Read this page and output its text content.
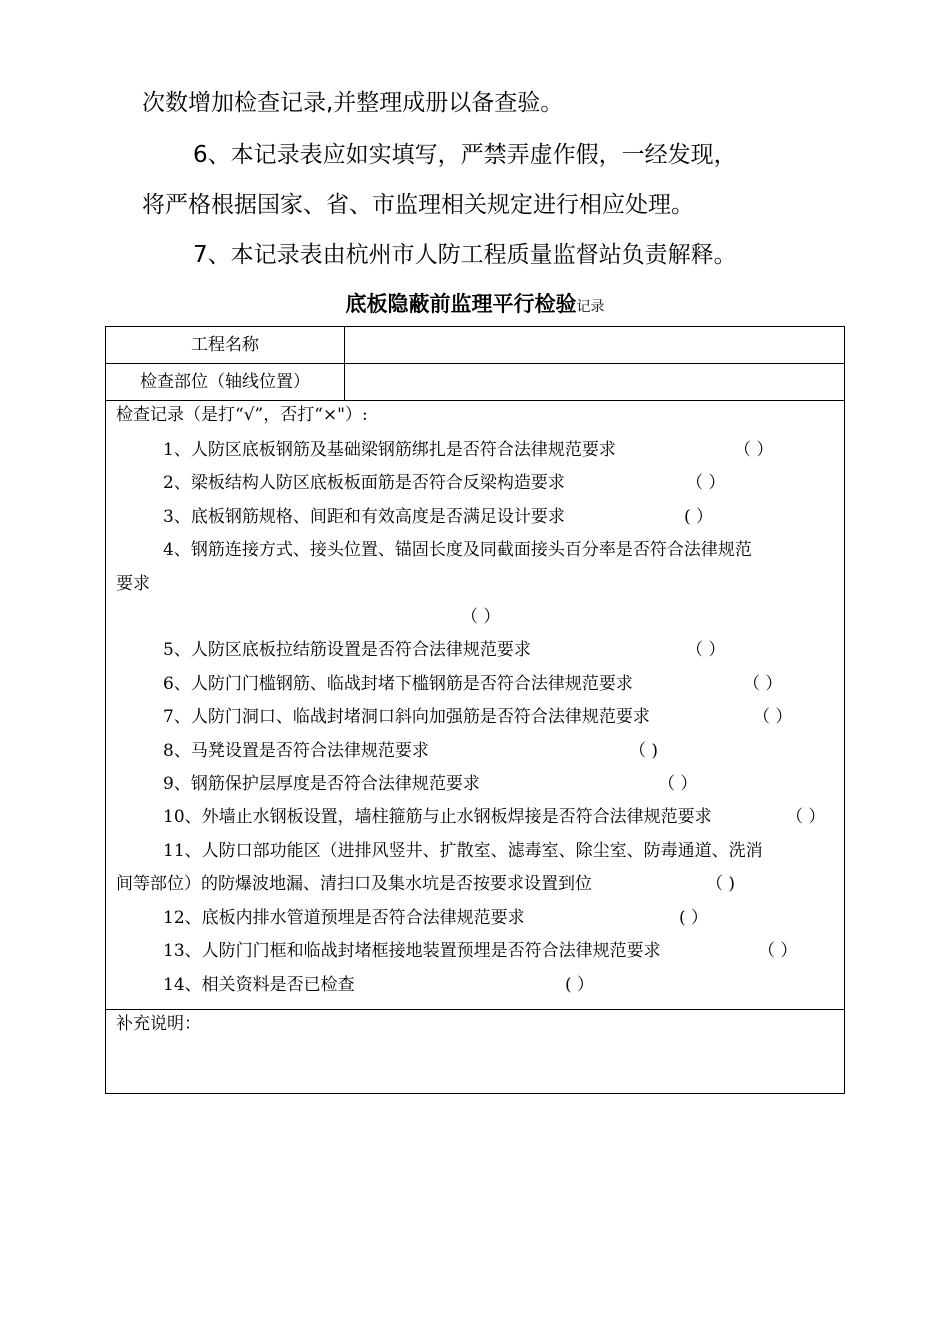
次数增加检查记录,并整理成册以备查验。
6、本记录表应如实填写，严禁弄虚作假，一经发现，
将严格根据国家、省、市监理相关规定进行相应处理。
7、本记录表由杭州市人防工程质量监督站负责解释。
底板隐蔽前监理平行检验记录
工程名称
检查部位（轴线位置）
检查记录（是打“√”，否打“×"）:
1、人防区底板钢筋及基础梁钢筋绑扎是否符合法律规范要求	（ ）
2、梁板结构人防区底板板面筋是否符合反梁构造要求	（ ）
3、底板钢筋规格、间距和有效高度是否满足设计要求	( ）
4、钢筋连接方式、接头位置、锚固长度及同截面接头百分率是否符合法律规范
要求
（ ）
5、人防区底板拉结筋设置是否符合法律规范要求	（ ）
6、人防门门槛钢筋、临战封堵下槛钢筋是否符合法律规范要求	（ ）
7、人防门洞口、临战封堵洞口斜向加强筋是否符合法律规范要求	（ ）
8、马凳设置是否符合法律规范要求	（ )
9、钢筋保护层厚度是否符合法律规范要求	（ ）
10、外墙止水钢板设置，墙柱箍筋与止水钢板焊接是否符合法律规范要求	（ ）
11、人防口部功能区（进排风竖井、扩散室、滤毒室、除尘室、防毒通道、洗消
间等部位）的防爆波地漏、清扫口及集水坑是否按要求设置到位	（ )
12、底板内排水管道预埋是否符合法律规范要求	( ）
13、人防门门框和临战封堵框接地装置预埋是否符合法律规范要求	（ ）
14、相关资料是否已检查	( ）
补充说明：
